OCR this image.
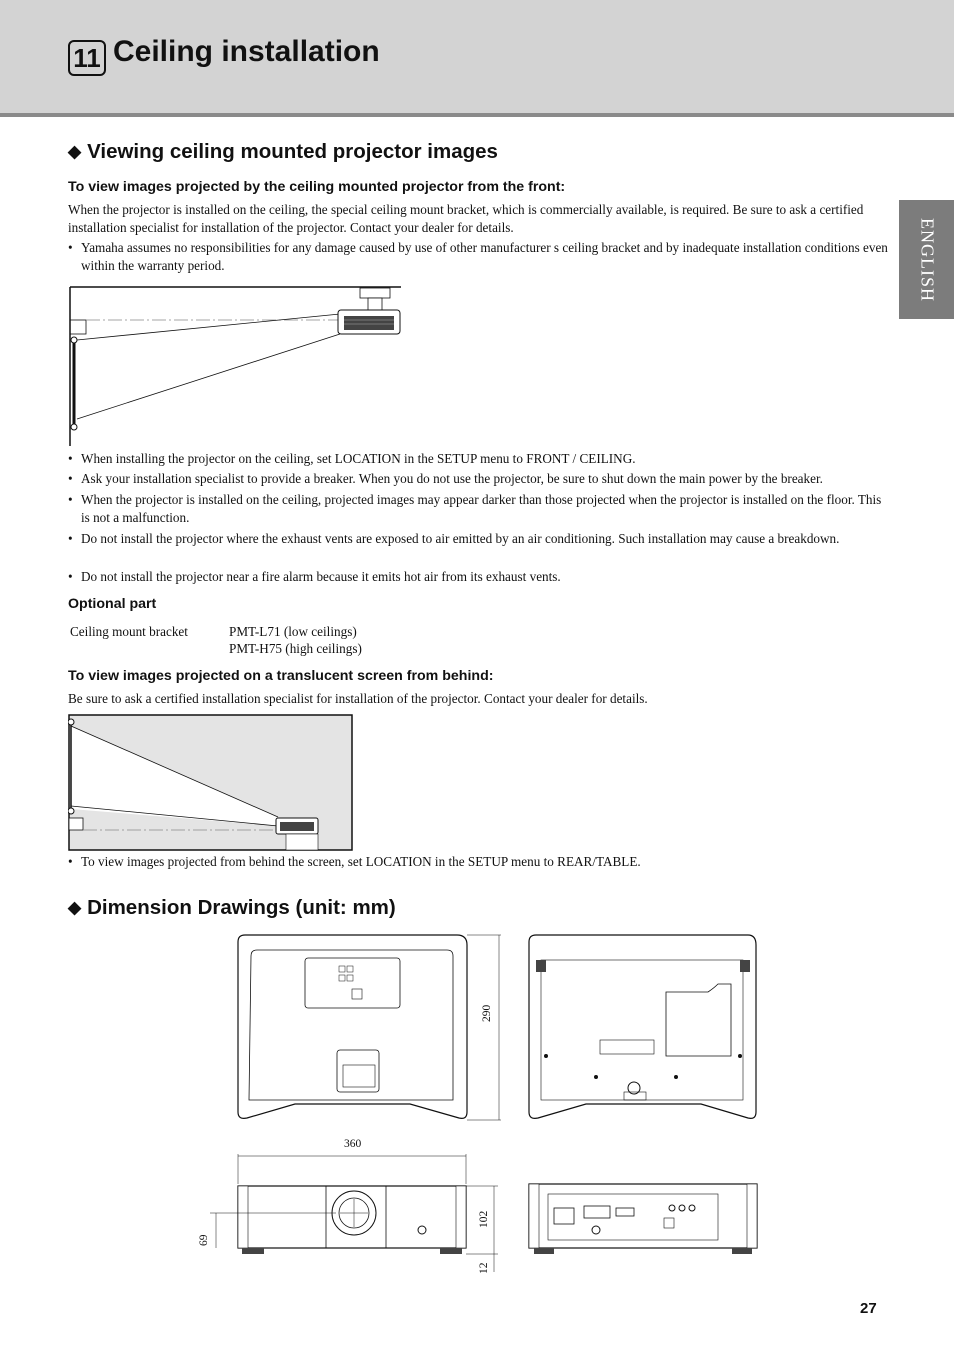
11 Ceiling installation
ENGLISH
◆ Viewing ceiling mounted projector images
To view images projected by the ceiling mounted projector from the front:
When the projector is installed on the ceiling, the special ceiling mount bracket, which is commercially available, is required. Be sure to ask a certified installation specialist for installation of the projector. Contact your dealer for details.
• Yamaha assumes no responsibilities for any damage caused by use of other manufacturer s ceiling bracket and by inadequate installation conditions even within the warranty period.
• When installing the projector on the ceiling, set LOCATION in the SETUP menu to FRONT / CEILING.
• Ask your installation specialist to provide a breaker. When you do not use the projector, be sure to shut down the main power by the breaker.
• When the projector is installed on the ceiling, projected images may appear darker than those projected when the projector is installed on the floor. This is not a malfunction.
• Do not install the projector where the exhaust vents are exposed to air emitted by an air conditioning. Such installation may cause a breakdown.
• Do not install the projector near a fire alarm because it emits hot air from its exhaust vents.
Optional part
Ceiling mount bracket	PMT-L71 (low ceilings)
PMT-H75 (high ceilings)
To view images projected on a translucent screen from behind:
Be sure to ask a certified installation specialist for installation of the projector. Contact your dealer for details.
• To view images projected from behind the screen, set LOCATION in the SETUP menu to REAR/TABLE.
◆ Dimension Drawings (unit: mm)
290
360
102
69
12
27
